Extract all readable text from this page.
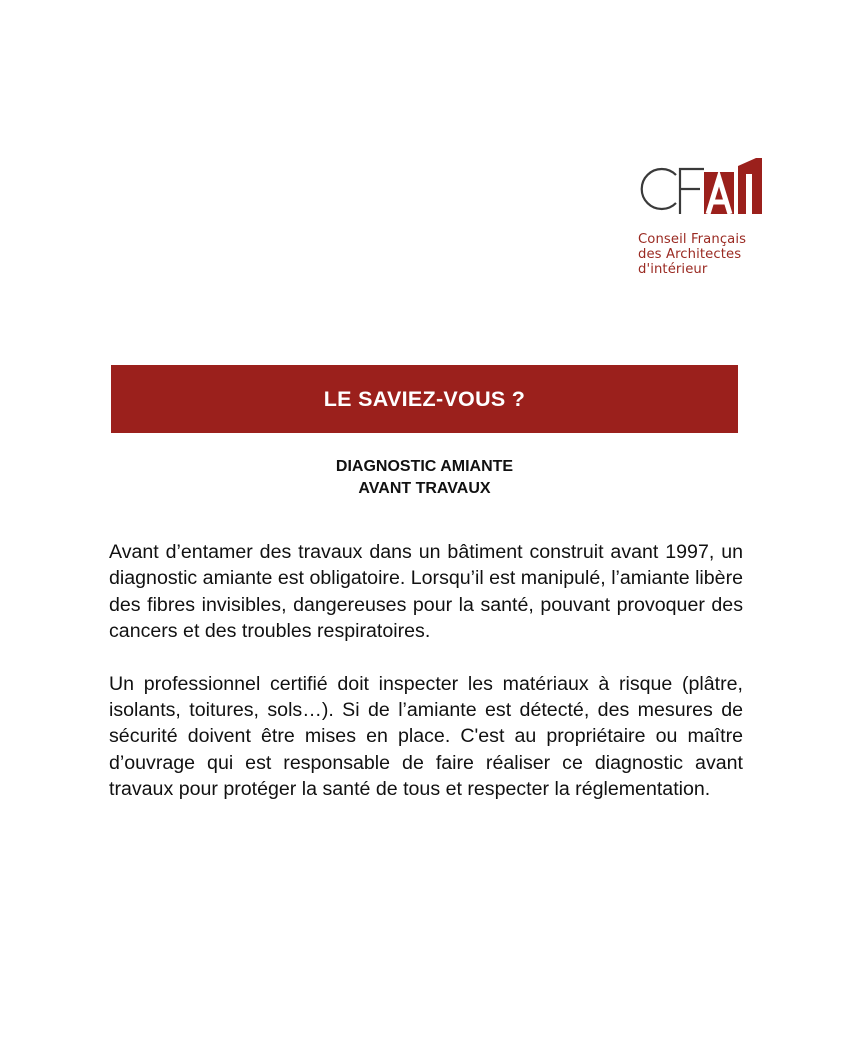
Conseil Français
des Architectes
d'intérieur
LE SAVIEZ-VOUS ?
DIAGNOSTIC AMIANTE
AVANT TRAVAUX

Avant d’entamer des travaux dans un bâtiment construit avant 1997, un diagnostic amiante est obligatoire. Lorsqu’il est manipulé, l’amiante libère des fibres invisibles, dangereuses pour la santé, pouvant provoquer des cancers et des troubles respiratoires.

Un professionnel certifié doit inspecter les matériaux à risque (plâtre, isolants, toitures, sols…). Si de l’amiante est détecté, des mesures de sécurité doivent être mises en place. C'est au propriétaire ou maître d’ouvrage qui est responsable de faire réaliser ce diagnostic avant travaux pour protéger la santé de tous et respecter la réglementation.
